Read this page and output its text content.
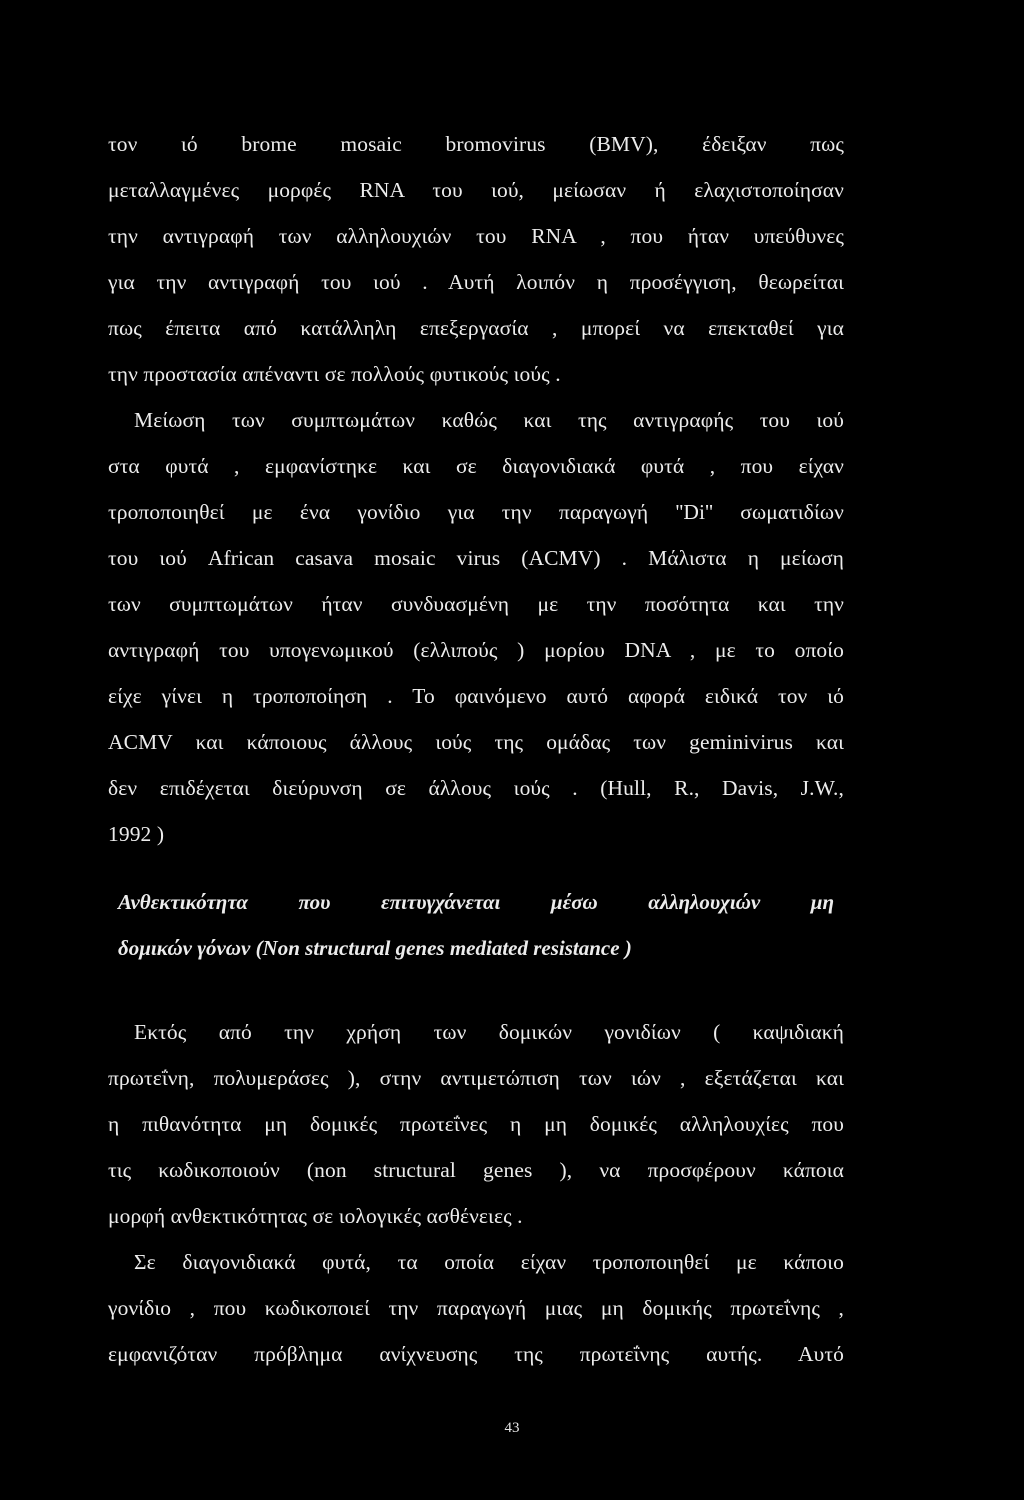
τον ιό brome mosaic bromovirus (BMV), έδειξαν πως
μεταλλαγμένες μορφές RNA του ιού, μείωσαν ή ελαχιστοποίησαν
την αντιγραφή των αλληλουχιών του RNA , που ήταν υπεύθυνες
για την αντιγραφή του ιού . Αυτή λοιπόν η προσέγγιση, θεωρείται
πως έπειτα από κατάλληλη επεξεργασία , μπορεί να επεκταθεί για
την προστασία απέναντι σε πολλούς φυτικούς ιούς .
Μείωση των συμπτωμάτων καθώς και της αντιγραφής του ιού
στα φυτά , εμφανίστηκε και σε διαγονιδιακά φυτά , που είχαν
τροποποιηθεί με ένα γονίδιο για την παραγωγή ''Di'' σωματιδίων
του ιού African casava mosaic virus (ACMV) . Μάλιστα η μείωση
των συμπτωμάτων ήταν συνδυασμένη με την ποσότητα και την
αντιγραφή του υπογενωμικού (ελλιπούς ) μορίου DNA , με το οποίο
είχε γίνει η τροποποίηση . Το φαινόμενο αυτό αφορά ειδικά τον ιό
ACMV και κάποιους άλλους ιούς της ομάδας των geminivirus και
δεν επιδέχεται διεύρυνση σε άλλους ιούς . (Hull, R., Davis, J.W.,
1992 )
Ανθεκτικότητα που επιτυγχάνεται μέσω αλληλουχιών μη
δομικών γόνων (Non structural genes mediated resistance )
Εκτός από την χρήση των δομικών γονιδίων ( καψιδιακή
πρωτεΐνη, πολυμεράσες ), στην αντιμετώπιση των ιών , εξετάζεται και
η πιθανότητα μη δομικές πρωτεΐνες η μη δομικές αλληλουχίες που
τις κωδικοποιούν (non structural genes ), να προσφέρουν κάποια
μορφή ανθεκτικότητας σε ιολογικές ασθένειες .
Σε διαγονιδιακά φυτά, τα οποία είχαν τροποποιηθεί με κάποιο
γονίδιο , που κωδικοποιεί την παραγωγή μιας μη δομικής πρωτεΐνης ,
εμφανιζόταν πρόβλημα ανίχνευσης της πρωτεΐνης αυτής. Αυτό
43
